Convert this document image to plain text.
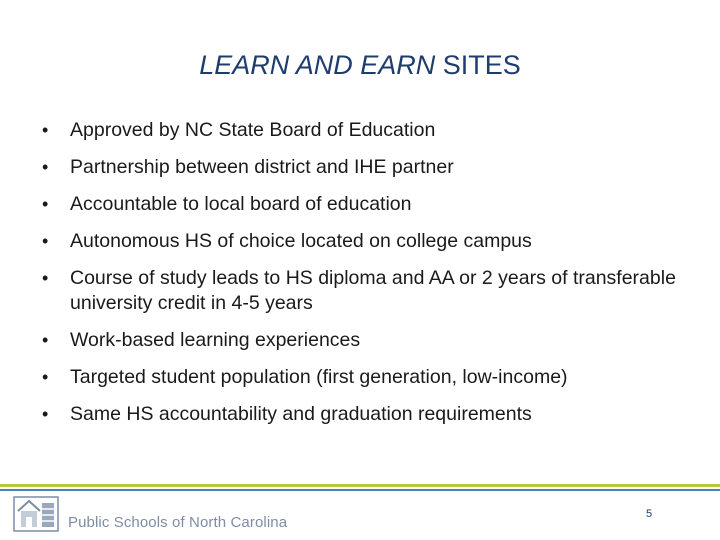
LEARN AND EARN SITES
• Approved by NC State Board of Education
• Partnership between district and IHE partner
• Accountable to local board of education
• Autonomous HS of choice located on college campus
• Course of study leads to HS diploma and AA or 2 years of transferable university credit in 4-5 years
• Work-based learning experiences
• Targeted student population (first generation, low-income)
• Same HS accountability and graduation requirements
Public Schools of North Carolina	5
